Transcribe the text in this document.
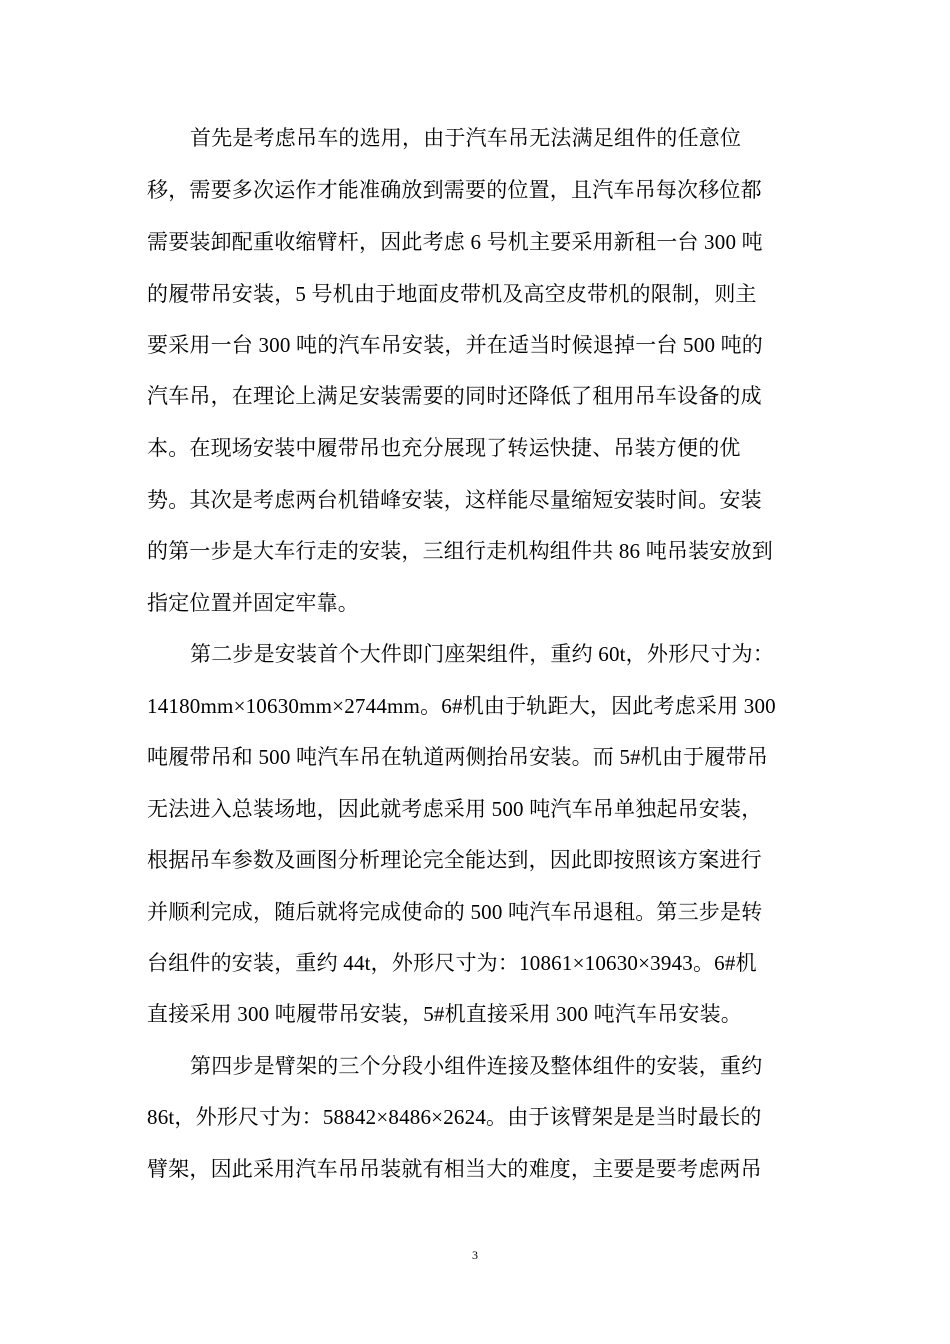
首先是考虑吊车的选用，由于汽车吊无法满足组件的任意位
移，需要多次运作才能准确放到需要的位置，且汽车吊每次移位都
需要装卸配重收缩臂杆，因此考虑 6 号机主要采用新租一台 300 吨
的履带吊安装，5 号机由于地面皮带机及高空皮带机的限制，则主
要采用一台 300 吨的汽车吊安装，并在适当时候退掉一台 500 吨的
汽车吊，在理论上满足安装需要的同时还降低了租用吊车设备的成
本。在现场安装中履带吊也充分展现了转运快捷、吊装方便的优
势。其次是考虑两台机错峰安装，这样能尽量缩短安装时间。安装
的第一步是大车行走的安装，三组行走机构组件共 86 吨吊装安放到
指定位置并固定牢靠。
第二步是安装首个大件即门座架组件，重约 60t，外形尺寸为：
14180mm×10630mm×2744mm。6#机由于轨距大，因此考虑采用 300
吨履带吊和 500 吨汽车吊在轨道两侧抬吊安装。而 5#机由于履带吊
无法进入总装场地，因此就考虑采用 500 吨汽车吊单独起吊安装，
根据吊车参数及画图分析理论完全能达到，因此即按照该方案进行
并顺利完成，随后就将完成使命的 500 吨汽车吊退租。第三步是转
台组件的安装，重约 44t，外形尺寸为：10861×10630×3943。6#机
直接采用 300 吨履带吊安装，5#机直接采用 300 吨汽车吊安装。
第四步是臂架的三个分段小组件连接及整体组件的安装，重约
86t，外形尺寸为：58842×8486×2624。由于该臂架是是当时最长的
臂架，因此采用汽车吊吊装就有相当大的难度，主要是要考虑两吊
3
